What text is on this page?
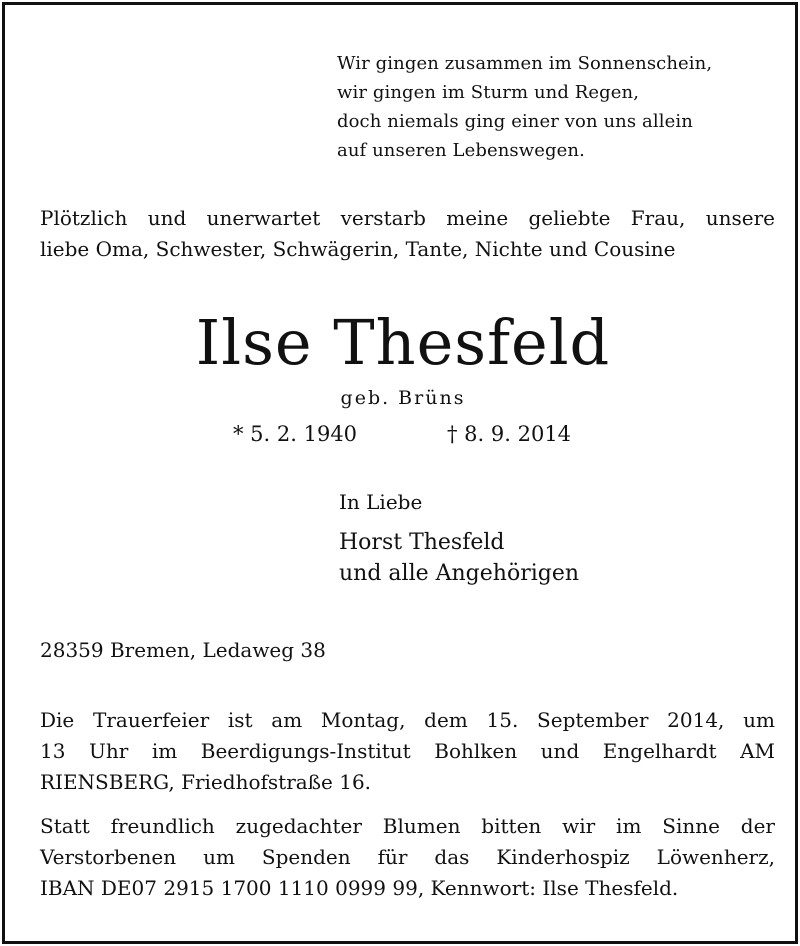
Wir gingen zusammen im Sonnenschein,
wir gingen im Sturm und Regen,
doch niemals ging einer von uns allein
auf unseren Lebenswegen.
Plötzlich und unerwartet verstarb meine geliebte Frau, unsere
liebe Oma, Schwester, Schwägerin, Tante, Nichte und Cousine
Ilse Thesfeld
geb. Brüns
* 5. 2. 1940	† 8. 9. 2014
In Liebe
Horst Thesfeld
und alle Angehörigen
28359 Bremen, Ledaweg 38
Die Trauerfeier ist am Montag, dem 15. September 2014, um
13 Uhr im Beerdigungs-Institut Bohlken und Engelhardt AM
RIENSBERG, Friedhofstraße 16.
Statt freundlich zugedachter Blumen bitten wir im Sinne der
Verstorbenen um Spenden für das Kinderhospiz Löwenherz,
IBAN DE07 2915 1700 1110 0999 99, Kennwort: Ilse Thesfeld.
